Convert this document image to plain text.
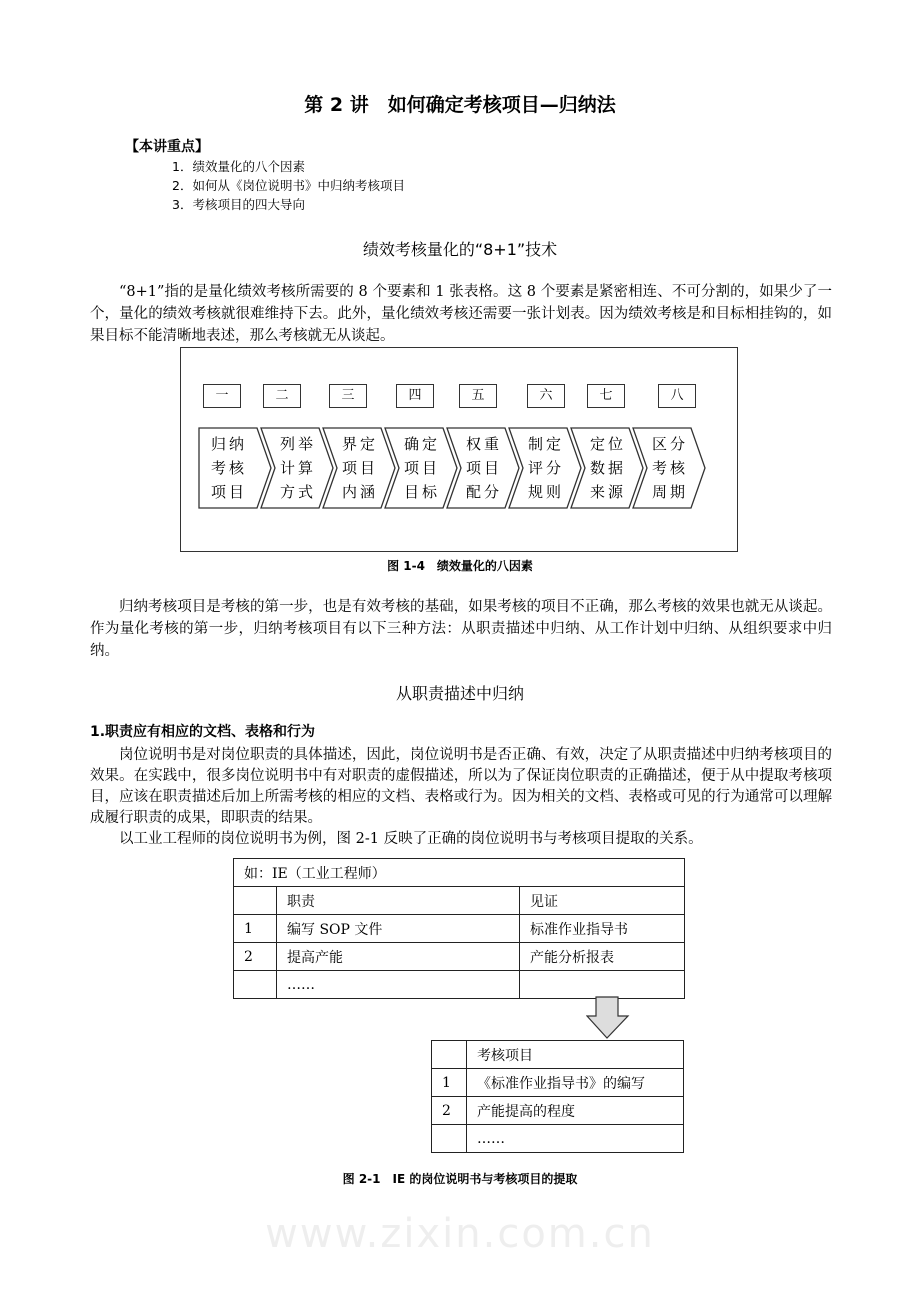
www.zixin.com.cn
第 2 讲　如何确定考核项目—归纳法
【本讲重点】
1．绩效量化的八个因素
2．如何从《岗位说明书》中归纳考核项目
3．考核项目的四大导向
绩效考核量化的“8+1”技术

“8+1”指的是量化绩效考核所需要的 8 个要素和 1 张表格。这 8 个要素是紧密相连、不可分割的，如果少了一个，量化的绩效考核就很难维持下去。此外，量化绩效考核还需要一张计划表。因为绩效考核是和目标相挂钩的，如果目标不能清晰地表述，那么考核就无从谈起。

一	二	三	四	五	六	七	八
归纳考核项目
列举计算方式
界定项目内涵
确定项目目标
权重项目配分
制定评分规则
定位数据来源
区分考核周期
图 1-4　绩效量化的八因素

归纳考核项目是考核的第一步，也是有效考核的基础，如果考核的项目不正确，那么考核的效果也就无从谈起。作为量化考核的第一步，归纳考核项目有以下三种方法：从职责描述中归纳、从工作计划中归纳、从组织要求中归纳。

从职责描述中归纳
1.职责应有相应的文档、表格和行为

岗位说明书是对岗位职责的具体描述，因此，岗位说明书是否正确、有效，决定了从职责描述中归纳考核项目的效果。在实践中，很多岗位说明书中有对职责的虚假描述，所以为了保证岗位职责的正确描述，便于从中提取考核项目，应该在职责描述后加上所需考核的相应的文档、表格或行为。因为相关的文档、表格或可见的行为通常可以理解成履行职责的成果，即职责的结果。

以工业工程师的岗位说明书为例，图 2-1 反映了正确的岗位说明书与考核项目提取的关系。

如：IE（工业工程师）		
	职责	见证
1	编写 SOP 文件	标准作业指导书
2	提高产能	产能分析报表
	……	
	考核项目
1	《标准作业指导书》的编写
2	产能提高的程度
	……
图 2-1　IE 的岗位说明书与考核项目的提取
